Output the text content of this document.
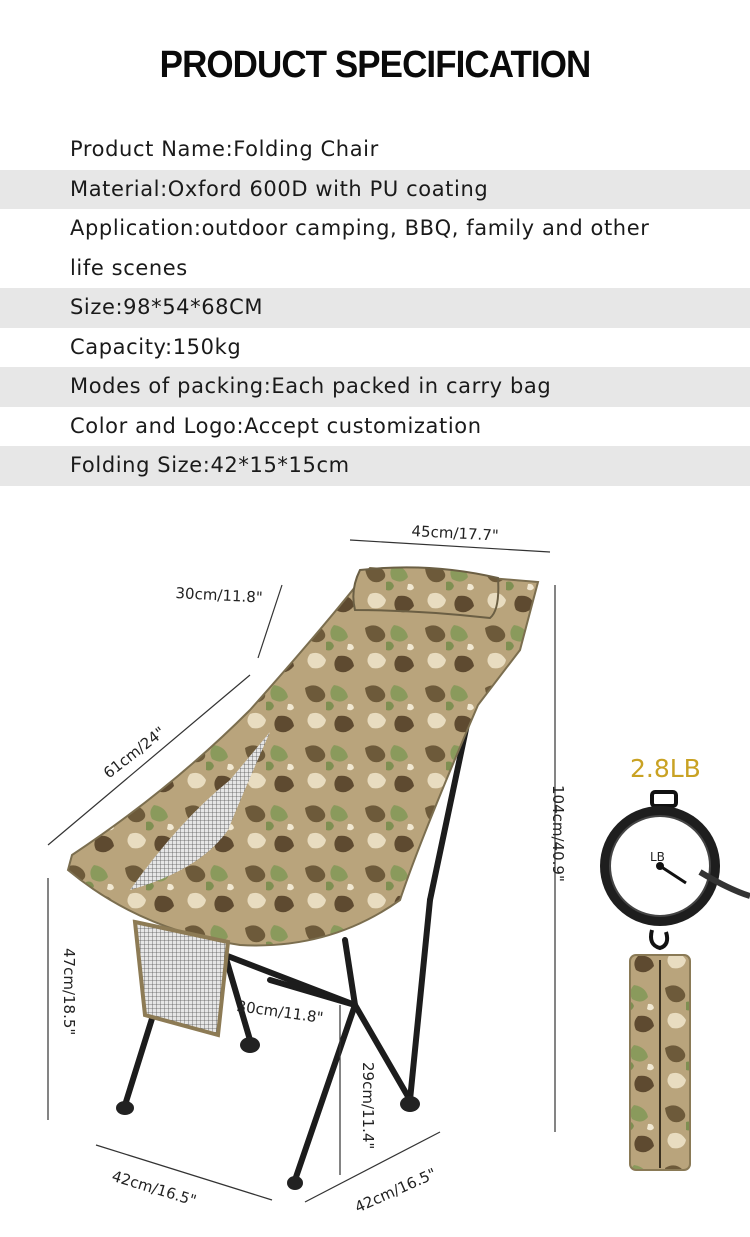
PRODUCT SPECIFICATION
Product Name:Folding Chair
Material:Oxford 600D with PU coating
Application:outdoor camping, BBQ, family and other
life scenes
Size:98*54*68CM
Capacity:150kg
Modes of packing:Each packed in carry bag
Color and Logo:Accept customization
Folding Size:42*15*15cm
45cm/17.7"
30cm/11.8"
61cm/24"
104cm/40.9"
47cm/18.5"	30cm/11.8"
29cm/11.4"
42cm/16.5"	42cm/16.5"
2.8LB
LB
